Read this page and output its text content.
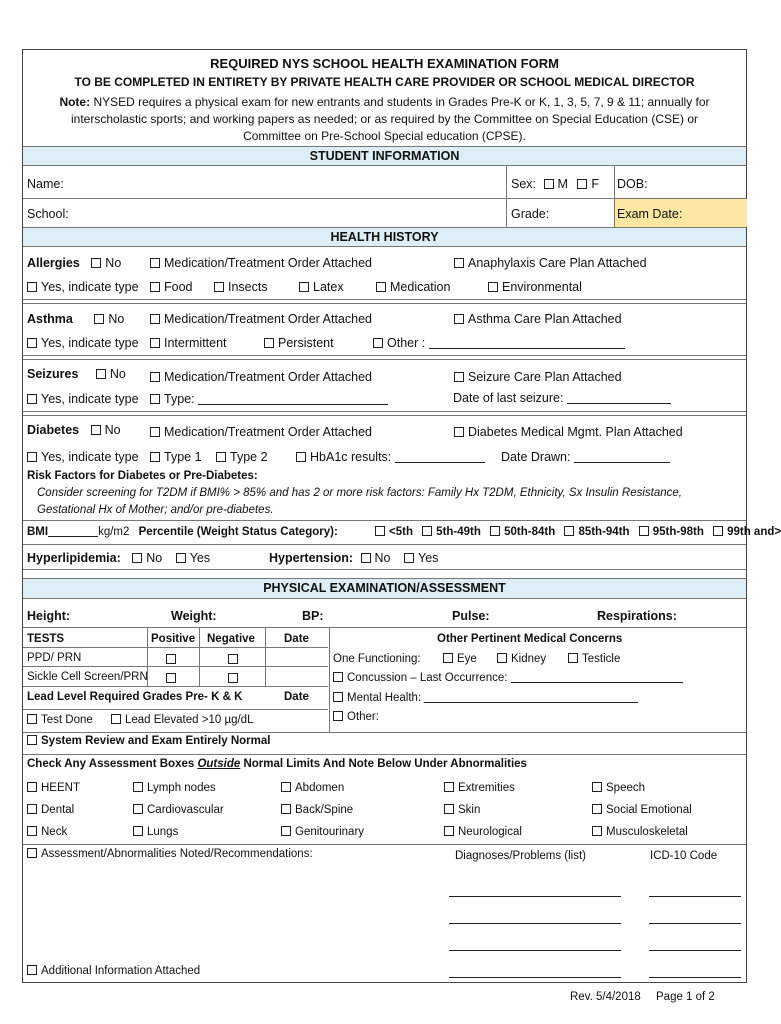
REQUIRED NYS SCHOOL HEALTH EXAMINATION FORM
TO BE COMPLETED IN ENTIRETY BY PRIVATE HEALTH CARE PROVIDER OR SCHOOL MEDICAL DIRECTOR
Note: NYSED requires a physical exam for new entrants and students in Grades Pre-K or K, 1, 3, 5, 7, 9 & 11; annually for
interscholastic sports; and working papers as needed; or as required by the Committee on Special Education (CSE) or
Committee on Pre-School Special education (CPSE).
STUDENT INFORMATION
Name:	Sex: M F DOB:
School:	Grade:	Exam Date:
HEALTH HISTORY
Allergies No	Medication/Treatment Order Attached	Anaphylaxis Care Plan Attached
Yes, indicate type	Food	Insects	Latex	Medication	Environmental
Asthma	No	Medication/Treatment Order Attached	Asthma Care Plan Attached
Yes, indicate type	Intermittent	Persistent	Other :
Seizures	No	Medication/Treatment Order Attached	Seizure Care Plan Attached
Yes, indicate type	Type:	Date of last seizure:
Diabetes No	Medication/Treatment Order Attached	Diabetes Medical Mgmt. Plan Attached
Yes, indicate type	Type 1	Type 2	HbA1c results:	Date Drawn:
Risk Factors for Diabetes or Pre-Diabetes:
Consider screening for T2DM if BMI% > 85% and has 2 or more risk factors: Family Hx T2DM, Ethnicity, Sx Insulin Resistance,
Gestational Hx of Mother; and/or pre-diabetes.
BMI	kg/m2 Percentile (Weight Status Category):	<5th 5th-49th 50th-84th 85th-94th 95th-98th 99th and>
Hyperlipidemia: No Yes	Hypertension: No Yes
PHYSICAL EXAMINATION/ASSESSMENT
Height:	Weight:	BP:	Pulse:	Respirations:
TESTS	Positive Negative	Date	Other Pertinent Medical Concerns
PPD/ PRN
Sickle Cell Screen/PRN
Lead Level Required Grades Pre- K & K	Date
Test Done	Lead Elevated >10 µg/dL
One Functioning:	Eye	Kidney	Testicle
Concussion – Last Occurrence:
Mental Health:
Other:
System Review and Exam Entirely Normal
Check Any Assessment Boxes Outside Normal Limits And Note Below Under Abnormalities
HEENT	Lymph nodes	Abdomen	Extremities	Speech
Dental	Cardiovascular	Back/Spine	Skin	Social Emotional
Neck	Lungs	Genitourinary	Neurological	Musculoskeletal
Assessment/Abnormalities Noted/Recommendations:	Diagnoses/Problems (list)	ICD-10 Code
Additional Information Attached
Rev. 5/4/2018 Page 1 of 2
